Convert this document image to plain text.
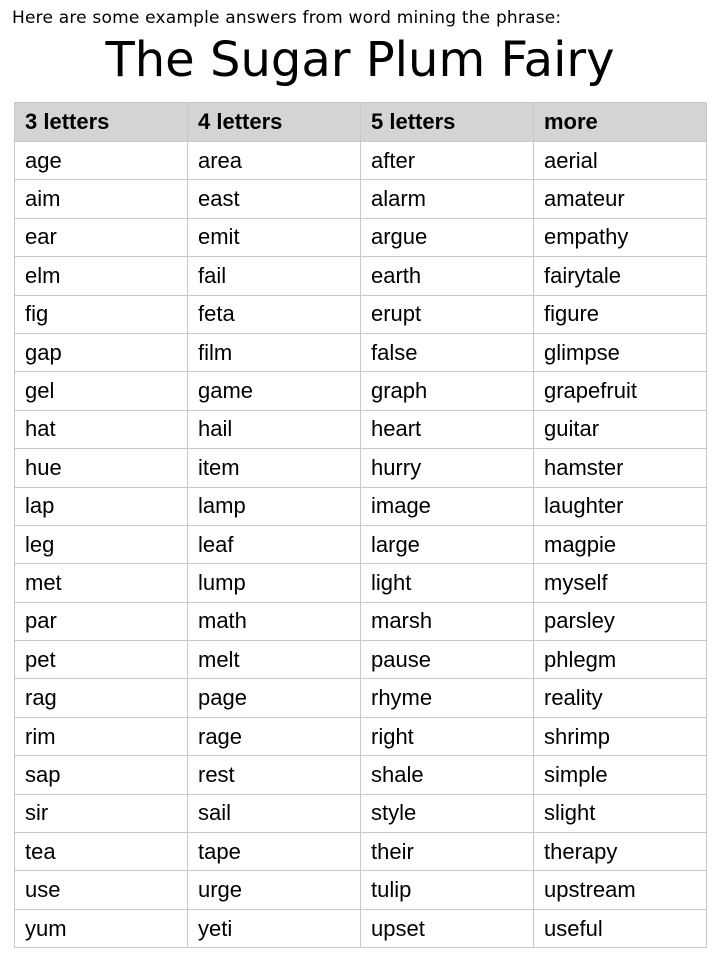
Here are some example answers from word mining the phrase:
The Sugar Plum Fairy
3 letters	4 letters	5 letters	more
age	area	after	aerial
aim	east	alarm	amateur
ear	emit	argue	empathy
elm	fail	earth	fairytale
fig	feta	erupt	figure
gap	film	false	glimpse
gel	game	graph	grapefruit
hat	hail	heart	guitar
hue	item	hurry	hamster
lap	lamp	image	laughter
leg	leaf	large	magpie
met	lump	light	myself
par	math	marsh	parsley
pet	melt	pause	phlegm
rag	page	rhyme	reality
rim	rage	right	shrimp
sap	rest	shale	simple
sir	sail	style	slight
tea	tape	their	therapy
use	urge	tulip	upstream
yum	yeti	upset	useful
